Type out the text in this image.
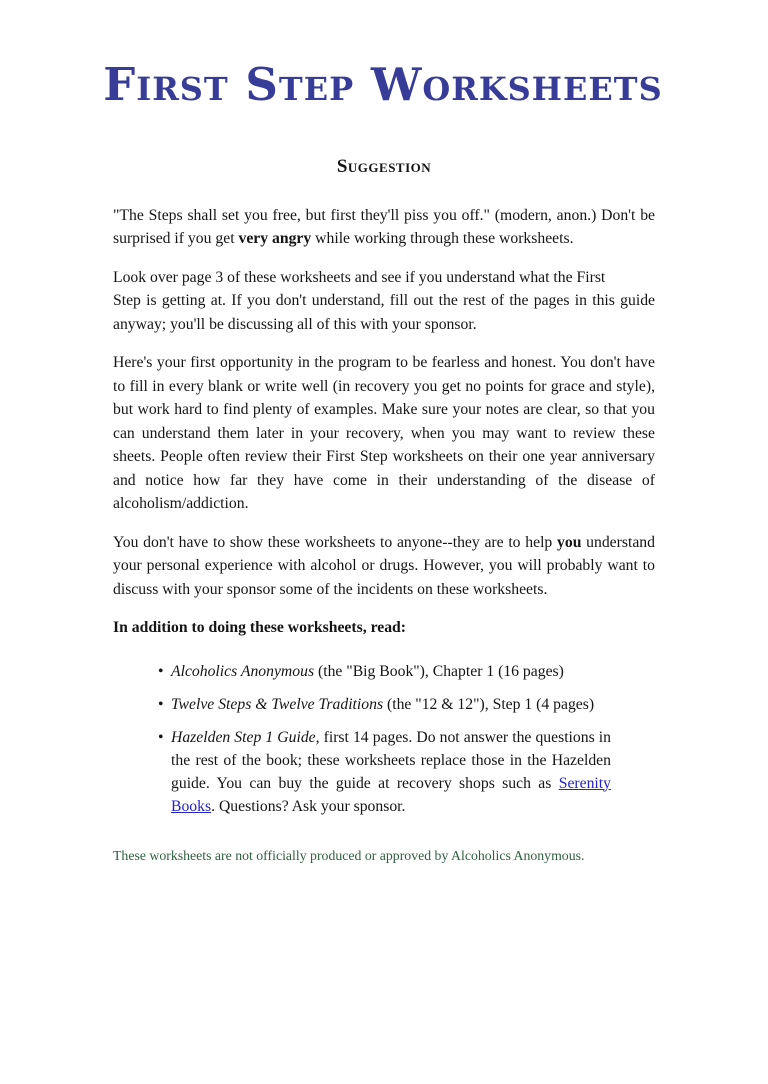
First Step Worksheets
Suggestion

"The Steps shall set you free, but first they'll piss you off." (modern, anon.) Don't be surprised if you get very angry while working through these worksheets.

Look over page 3 of these worksheets and see if you understand what the First
Step is getting at. If you don't understand, fill out the rest of the pages in this guide anyway; you'll be discussing all of this with your sponsor.

Here's your first opportunity in the program to be fearless and honest. You don't have to fill in every blank or write well (in recovery you get no points for grace and style), but work hard to find plenty of examples. Make sure your notes are clear, so that you can understand them later in your recovery, when you may want to review these sheets. People often review their First Step worksheets on their one year anniversary and notice how far they have come in their understanding of the disease of alcoholism/addiction.

You don't have to show these worksheets to anyone--they are to help you understand your personal experience with alcohol or drugs. However, you will probably want to discuss with your sponsor some of the incidents on these worksheets.

In addition to doing these worksheets, read:

• Alcoholics Anonymous (the "Big Book"), Chapter 1 (16 pages)
• Twelve Steps & Twelve Traditions (the "12 & 12"), Step 1 (4 pages)
• Hazelden Step 1 Guide, first 14 pages. Do not answer the questions in the rest of the book; these worksheets replace those in the Hazelden guide. You can buy the guide at recovery shops such as Serenity Books. Questions? Ask your sponsor.

These worksheets are not officially produced or approved by Alcoholics Anonymous.
